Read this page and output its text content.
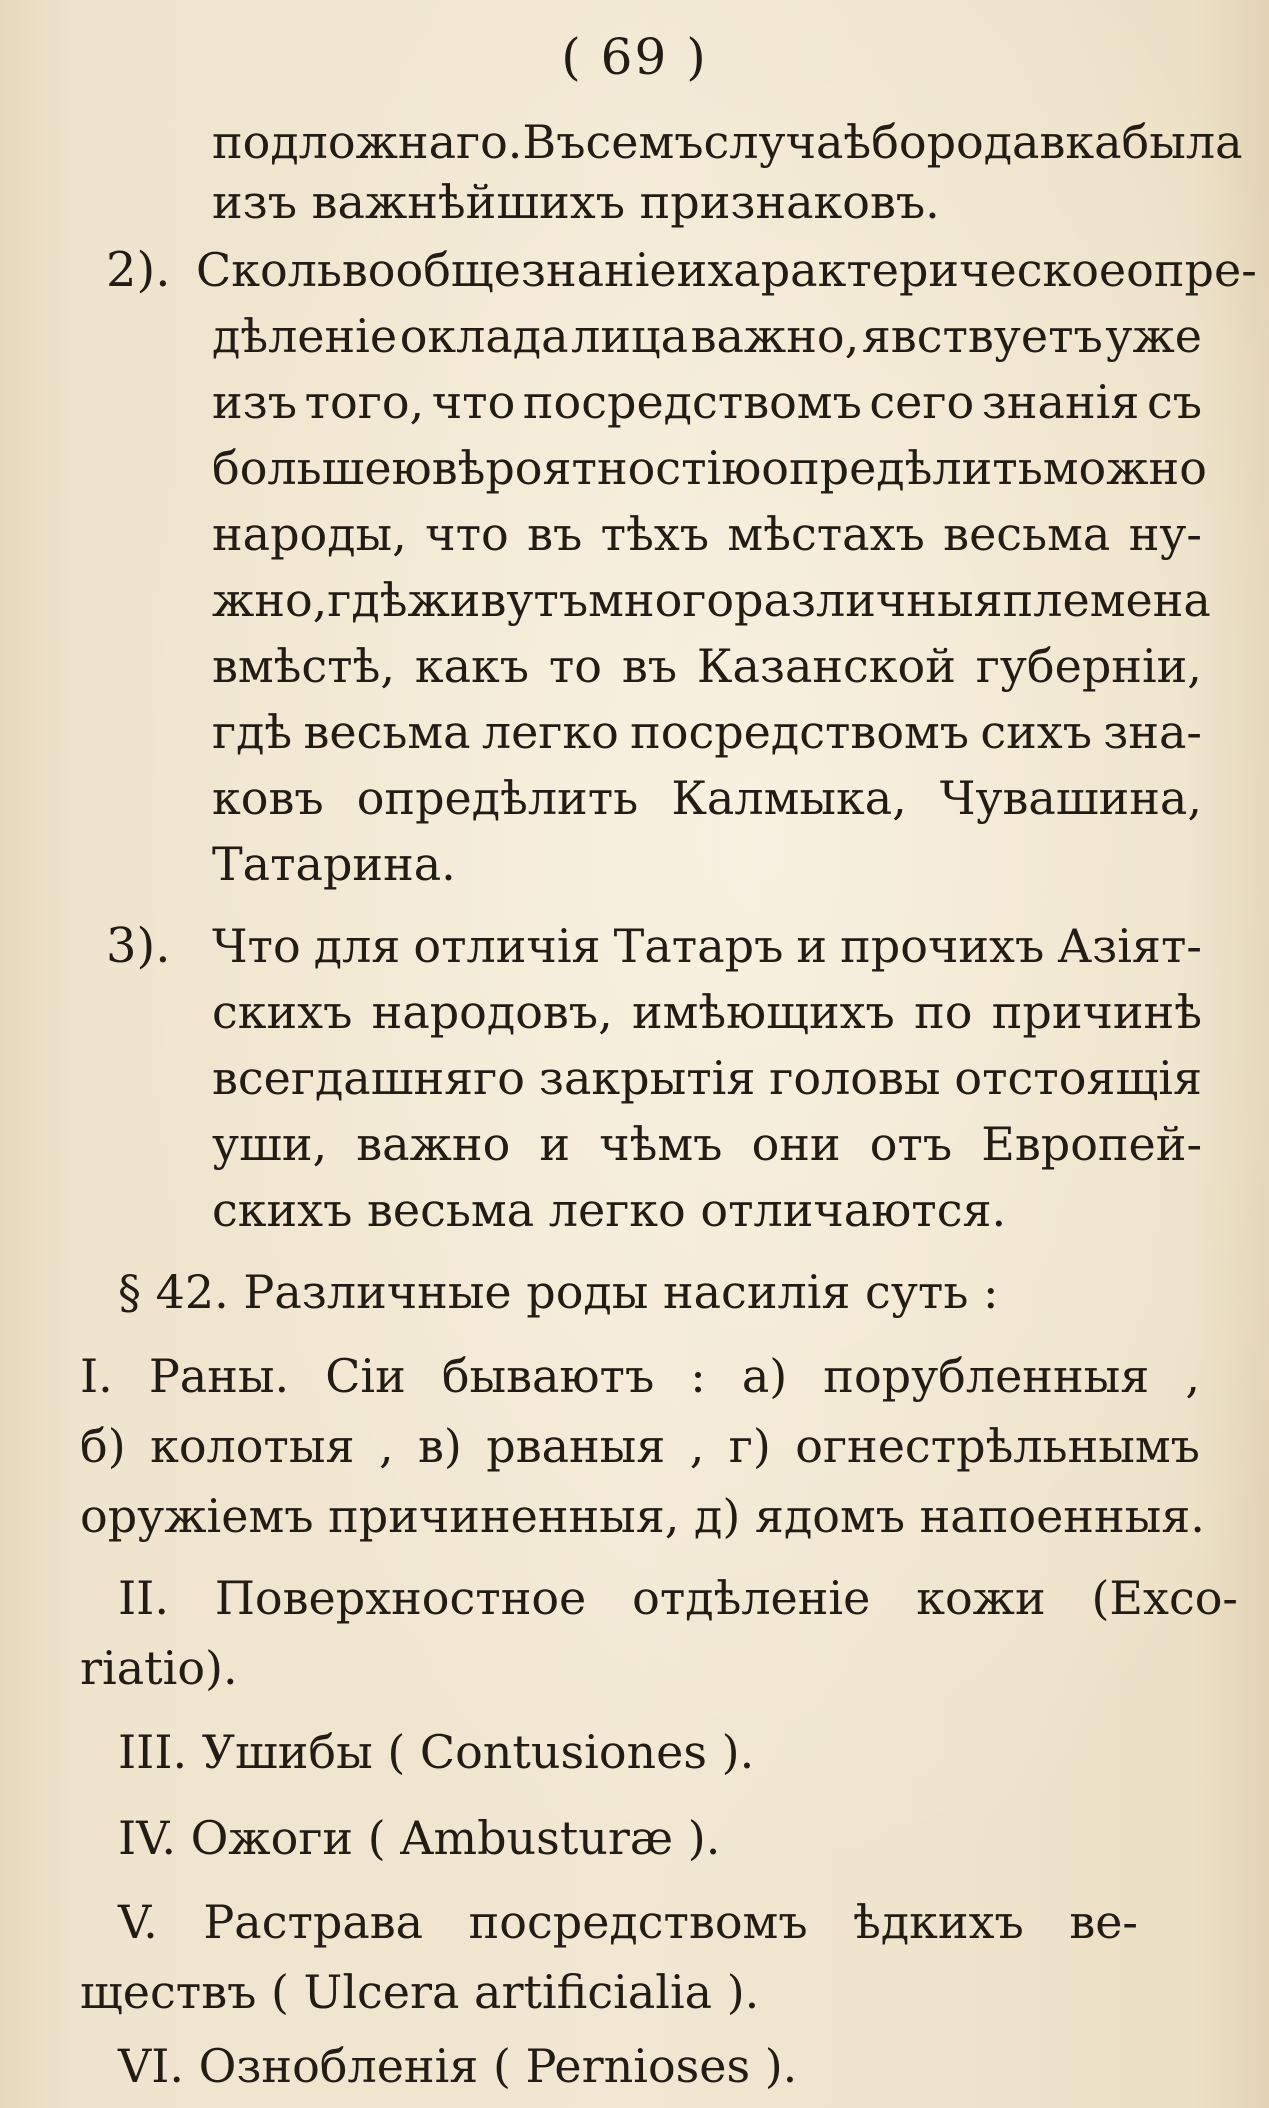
( 69 )
подложнаго. Въ семъ случаѣ бородавка была
изъ важнѣйшихъ признаковъ.
2). Сколь вообще знаніе и характерическое опре-
дѣленіе оклада лица важно, явствуетъ уже
изъ того, что посредствомъ сего знанія съ
большею вѣроятностію опредѣлить можно
народы, что въ тѣхъ мѣстахъ весьма ну-
жно, гдѣ живутъ многоразличныя племена
вмѣстѣ, какъ то въ Казанской губерніи,
гдѣ весьма легко посредствомъ сихъ зна-
ковъ опредѣлить Калмыка, Чувашина,
Татарина.
3). Что для отличія Татаръ и прочихъ Азіят-
скихъ народовъ, имѣющихъ по причинѣ
всегдашняго закрытія головы отстоящія
уши, важно и чѣмъ они отъ Европей-
скихъ весьма легко отличаются.
§ 42. Различные роды насилія суть :
I. Раны. Сіи бываютъ : а) порубленныя ,
б) колотыя , в) рваныя , г) огнестрѣльнымъ
оружіемъ причиненныя, д) ядомъ напоенныя.
II. Поверхностное отдѣленіе кожи (Exco-
riatio).
III. Ушибы ( Contusiones ).
IV. Ожоги ( Ambusturæ ).
V. Растрава посредствомъ ѣдкихъ ве-
ществъ ( Ulcera artificialia ).
VI. Ознобленія ( Pernioses ).
